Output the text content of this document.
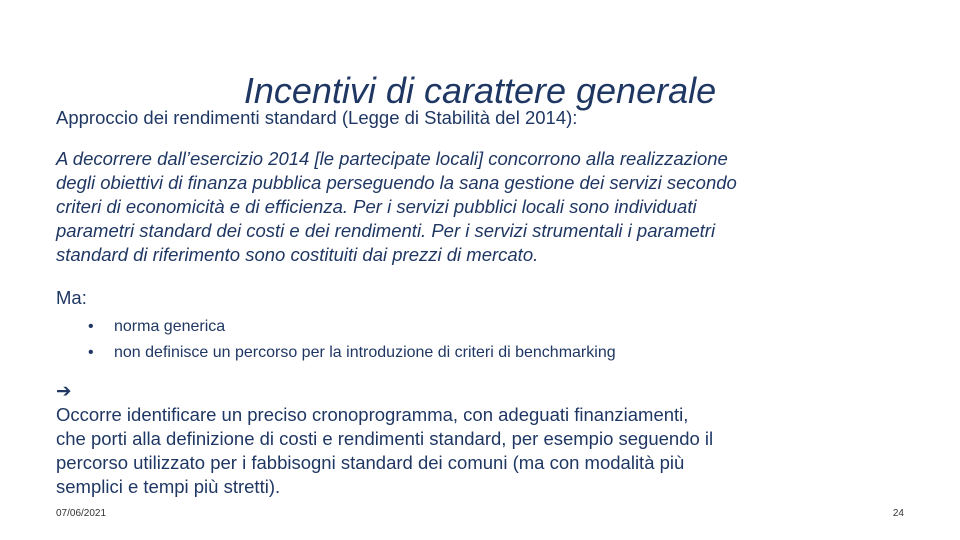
Incentivi di carattere generale
Approccio dei rendimenti standard (Legge di Stabilità del 2014):
A decorrere dall’esercizio 2014 [le partecipate locali] concorrono alla realizzazione
degli obiettivi di finanza pubblica perseguendo la sana gestione dei servizi secondo
criteri di economicità e di efficienza. Per i servizi pubblici locali sono individuati
parametri standard dei costi e dei rendimenti. Per i servizi strumentali i parametri
standard di riferimento sono costituiti dai prezzi di mercato.
Ma:
• norma generica
• non definisce un percorso per la introduzione di criteri di benchmarking
➔
Occorre identificare un preciso cronoprogramma, con adeguati finanziamenti,
che porti alla definizione di costi e rendimenti standard, per esempio seguendo il
percorso utilizzato per i fabbisogni standard dei comuni (ma con modalità più
semplici e tempi più stretti).
07/06/2021	24
